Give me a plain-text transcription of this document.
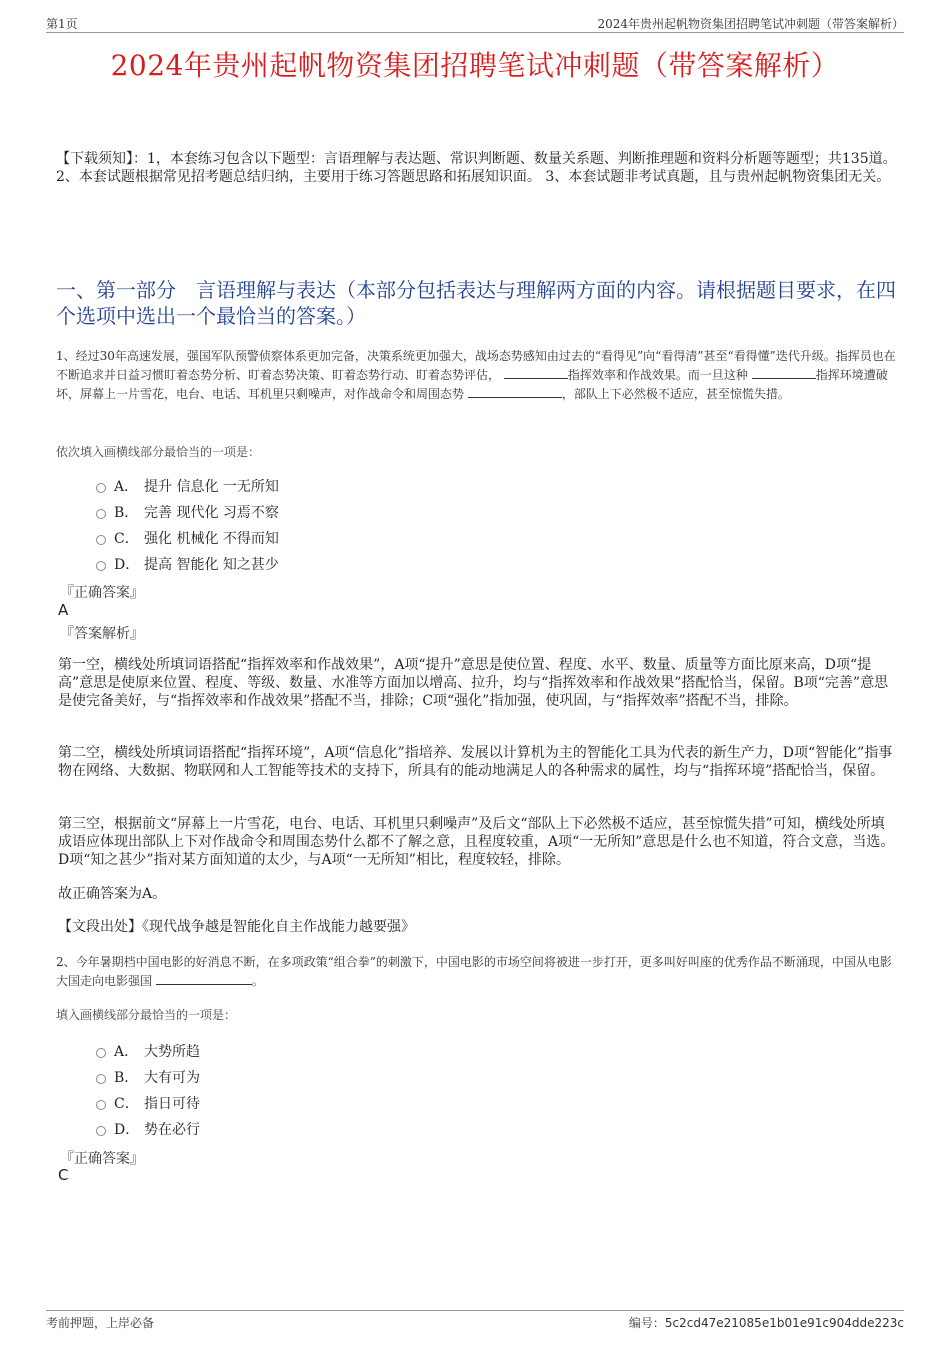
第1页	2024年贵州起帆物资集团招聘笔试冲刺题（带答案解析）
2024年贵州起帆物资集团招聘笔试冲刺题（带答案解析）
【下载须知】：1，本套练习包含以下题型：言语理解与表达题、常识判断题、数量关系题、判断推理题和资料分析题等题型；共135道。 2、本套试题根据常见招考题总结归纳，主要用于练习答题思路和拓展知识面。 3、本套试题非考试真题，且与贵州起帆物资集团无关。
一、第一部分　言语理解与表达（本部分包括表达与理解两方面的内容。请根据题目要求，在四个选项中选出一个最恰当的答案。）
1、经过30年高速发展，强国军队预警侦察体系更加完备，决策系统更加强大，战场态势感知由过去的“看得见”向“看得清”甚至“看得懂”迭代升级。指挥员也在不断追求并日益习惯盯着态势分析、盯着态势决策、盯着态势行动、盯着态势评估，	指挥效率和作战效果。而一旦这种	指挥环境遭破坏，屏幕上一片雪花，电台、电话、耳机里只剩噪声，对作战命令和周围态势	，部队上下必然极不适应，甚至惊慌失措。
依次填入画横线部分最恰当的一项是：
A． 提升 信息化 一无所知
B． 完善 现代化 习焉不察
C． 强化 机械化 不得而知
D． 提高 智能化 知之甚少
『正确答案』
A
『答案解析』
第一空，横线处所填词语搭配“指挥效率和作战效果”，A项“提升”意思是使位置、程度、水平、数量、质量等方面比原来高，D项“提高”意思是使原来位置、程度、等级、数量、水准等方面加以增高、拉升，均与“指挥效率和作战效果”搭配恰当，保留。B项“完善”意思是使完备美好，与“指挥效率和作战效果”搭配不当，排除；C项“强化”指加强，使巩固，与“指挥效率”搭配不当，排除。
第二空，横线处所填词语搭配“指挥环境”，A项“信息化”指培养、发展以计算机为主的智能化工具为代表的新生产力，D项“智能化”指事物在网络、大数据、物联网和人工智能等技术的支持下，所具有的能动地满足人的各种需求的属性，均与“指挥环境”搭配恰当，保留。
第三空，根据前文“屏幕上一片雪花，电台、电话、耳机里只剩噪声”及后文“部队上下必然极不适应，甚至惊慌失措”可知，横线处所填成语应体现出部队上下对作战命令和周围态势什么都不了解之意，且程度较重，A项“一无所知”意思是什么也不知道，符合文意，当选。D项“知之甚少”指对某方面知道的太少，与A项“一无所知”相比，程度较轻，排除。
故正确答案为A。
【文段出处】《现代战争越是智能化自主作战能力越要强》
2、今年暑期档中国电影的好消息不断，在多项政策“组合拳”的刺激下，中国电影的市场空间将被进一步打开，更多叫好叫座的优秀作品不断涌现，中国从电影大国走向电影强国	。
填入画横线部分最恰当的一项是：
A． 大势所趋
B． 大有可为
C． 指日可待
D． 势在必行
『正确答案』
C
考前押题，上岸必备	编号：5c2cd47e21085e1b01e91c904dde223c
